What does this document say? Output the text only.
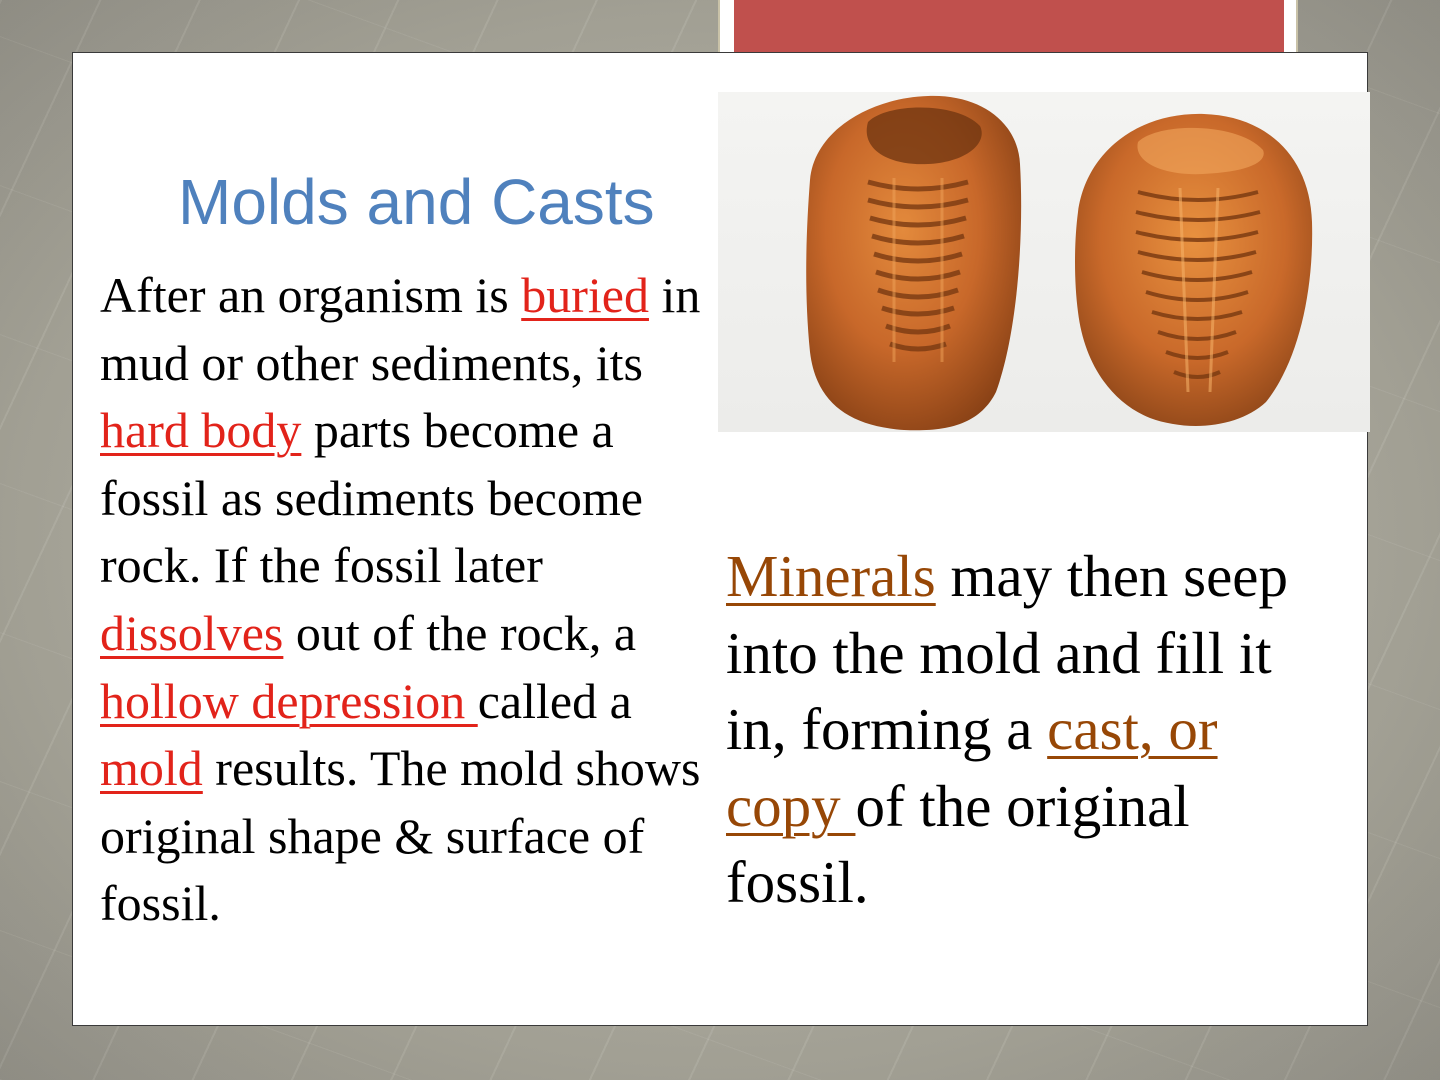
Molds and Casts

After an organism is buried in mud or other sediments, its hard body parts become a fossil as sediments become rock. If the fossil later dissolves out of the rock, a hollow depression called a mold results. The mold shows original shape & surface of fossil.

Minerals may then seep into the mold and fill it in, forming a cast, or copy of the original fossil.
